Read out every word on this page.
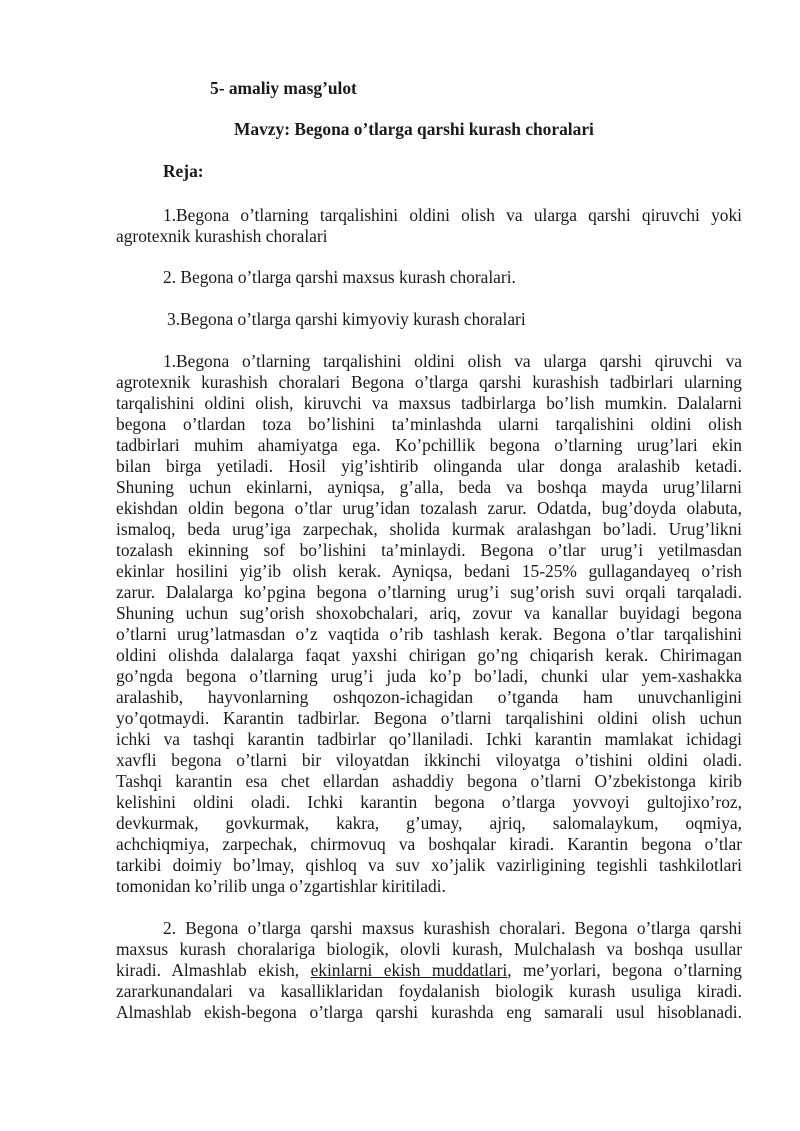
5- amaliy masg’ulot
Mavzy: Begona o’tlarga qarshi kurash choralari
Reja:
1.Begona o’tlarning tarqalishini oldini olish va ularga qarshi qiruvchi yoki
agrotexnik kurashish choralari
2. Begona o’tlarga qarshi maxsus kurash choralari.
3.Begona o’tlarga qarshi kimyoviy kurash choralari
1.Begona o’tlarning tarqalishini oldini olish va ularga qarshi qiruvchi va
agrotexnik kurashish choralari Begona o’tlarga qarshi kurashish tadbirlari ularning
tarqalishini oldini olish, kiruvchi va maxsus tadbirlarga bo’lish mumkin. Dalalarni
begona o’tlardan toza bo’lishini ta’minlashda ularni tarqalishini oldini olish
tadbirlari muhim ahamiyatga ega. Ko’pchillik begona o’tlarning urug’lari ekin
bilan birga yetiladi. Hosil yig’ishtirib olinganda ular donga aralashib ketadi.
Shuning uchun ekinlarni, ayniqsa, g’alla, beda va boshqa mayda urug’lilarni
ekishdan oldin begona o’tlar urug’idan tozalash zarur. Odatda, bug’doyda olabuta,
ismaloq, beda urug’iga zarpechak, sholida kurmak aralashgan bo’ladi. Urug’likni
tozalash ekinning sof bo’lishini ta’minlaydi. Begona o’tlar urug’i yetilmasdan
ekinlar hosilini yig’ib olish kerak. Ayniqsa, bedani 15-25% gullagandayeq o’rish
zarur. Dalalarga ko’pgina begona o’tlarning urug’i sug’orish suvi orqali tarqaladi.
Shuning uchun sug’orish shoxobchalari, ariq, zovur va kanallar buyidagi begona
o’tlarni urug’latmasdan o’z vaqtida o’rib tashlash kerak. Begona o’tlar tarqalishini
oldini olishda dalalarga faqat yaxshi chirigan go’ng chiqarish kerak. Chirimagan
go’ngda begona o’tlarning urug’i juda ko’p bo’ladi, chunki ular yem-xashakka
aralashib, hayvonlarning oshqozon-ichagidan o’tganda ham unuvchanligini
yo’qotmaydi. Karantin tadbirlar. Begona o’tlarni tarqalishini oldini olish uchun
ichki va tashqi karantin tadbirlar qo’llaniladi. Ichki karantin mamlakat ichidagi
xavfli begona o’tlarni bir viloyatdan ikkinchi viloyatga o’tishini oldini oladi.
Tashqi karantin esa chet ellardan ashaddiy begona o’tlarni O’zbekistonga kirib
kelishini oldini oladi. Ichki karantin begona o’tlarga yovvoyi gultojixo’roz,
devkurmak, govkurmak, kakra, g’umay, ajriq, salomalaykum, oqmiya,
achchiqmiya, zarpechak, chirmovuq va boshqalar kiradi. Karantin begona o’tlar
tarkibi doimiy bo’lmay, qishloq va suv xo’jalik vazirligining tegishli tashkilotlari
tomonidan ko’rilib unga o’zgartishlar kiritiladi.
2. Begona o’tlarga qarshi maxsus kurashish choralari. Begona o’tlarga qarshi
maxsus kurash choralariga biologik, olovli kurash, Mulchalash va boshqa usullar
kiradi. Almashlab ekish, ekinlarni ekish muddatlari, me’yorlari, begona o’tlarning
zararkunandalari va kasalliklaridan foydalanish biologik kurash usuliga kiradi.
Almashlab ekish-begona o’tlarga qarshi kurashda eng samarali usul hisoblanadi.
